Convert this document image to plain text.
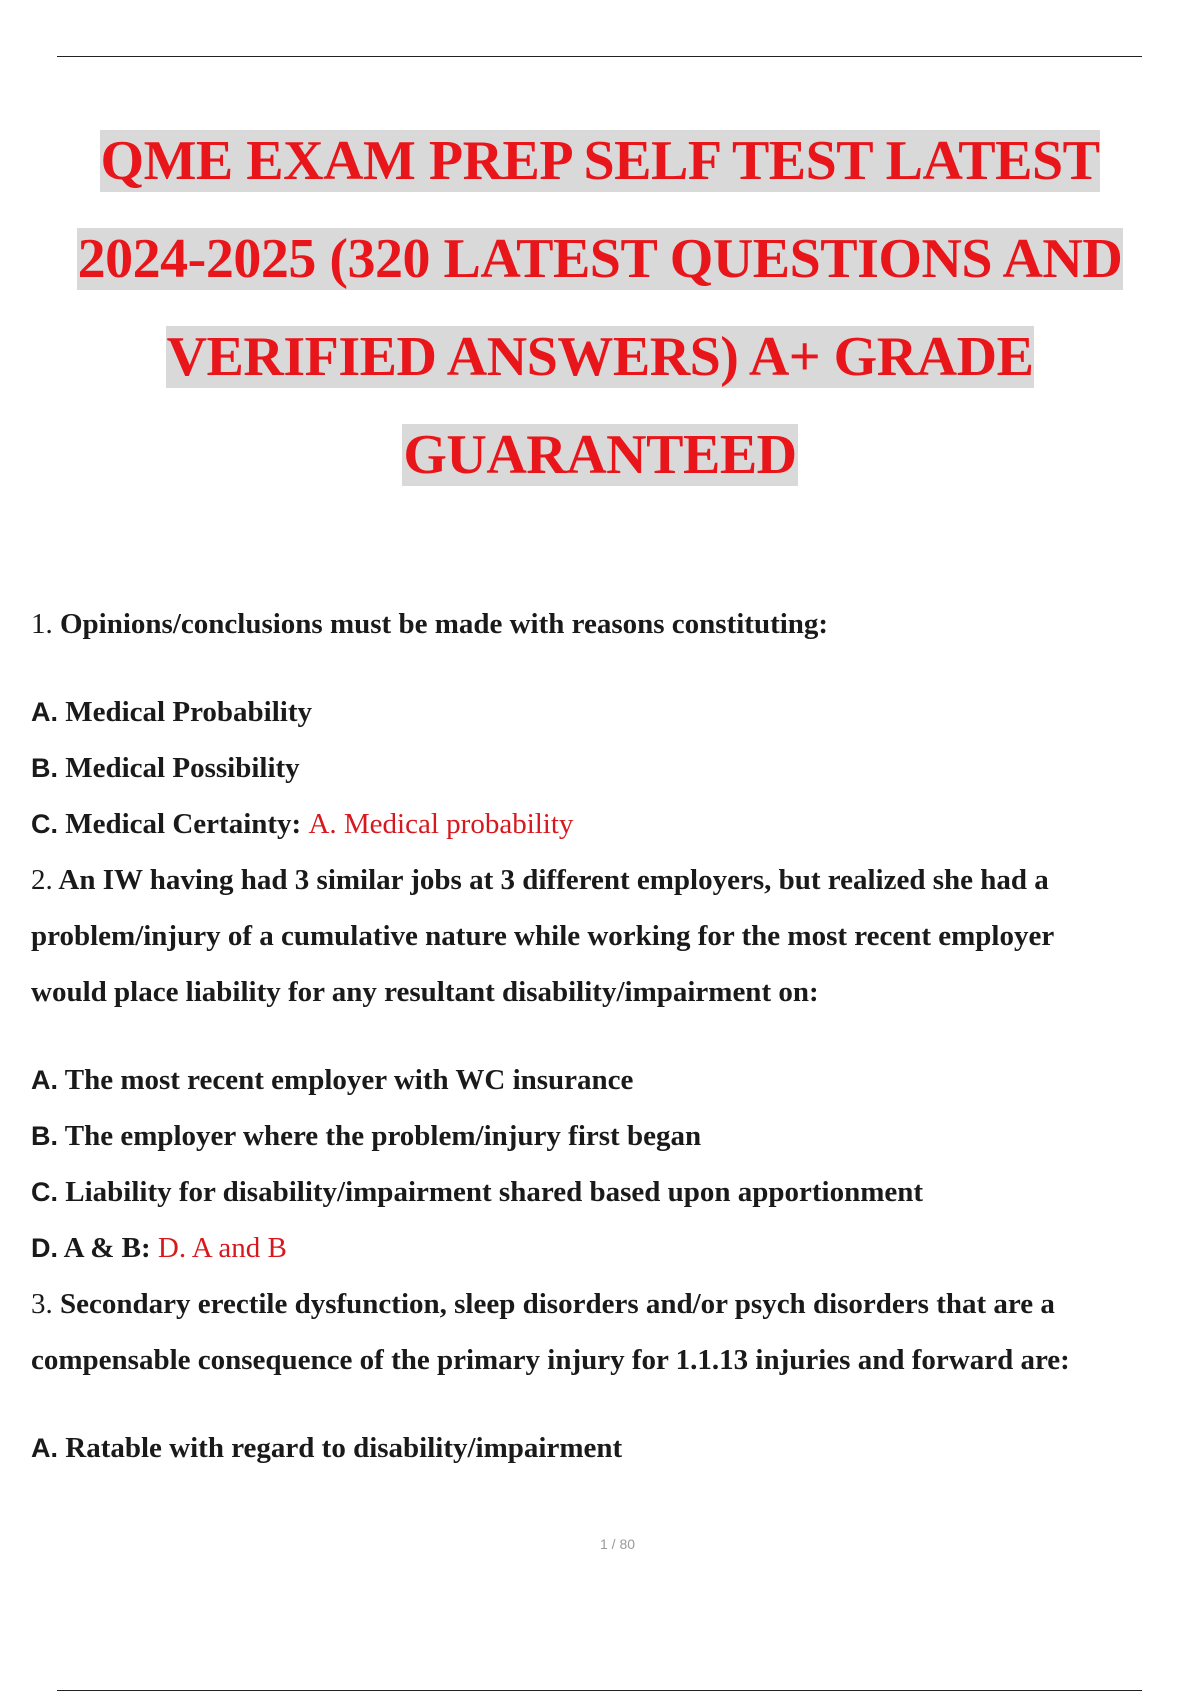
QME EXAM PREP SELF TEST LATEST
2024-2025 (320 LATEST QUESTIONS AND
VERIFIED ANSWERS) A+ GRADE
GUARANTEED
1. Opinions/conclusions must be made with reasons constituting:
A. Medical Probability
B. Medical Possibility
C. Medical Certainty: A. Medical probability
2. An IW having had 3 similar jobs at 3 different employers, but realized she had a
problem/injury of a cumulative nature while working for the most recent employer
would place liability for any resultant disability/impairment on:
A. The most recent employer with WC insurance
B. The employer where the problem/injury first began
C. Liability for disability/impairment shared based upon apportionment
D. A & B: D. A and B
3. Secondary erectile dysfunction, sleep disorders and/or psych disorders that are a
compensable consequence of the primary injury for 1.1.13 injuries and forward are:
A. Ratable with regard to disability/impairment
1 / 80
